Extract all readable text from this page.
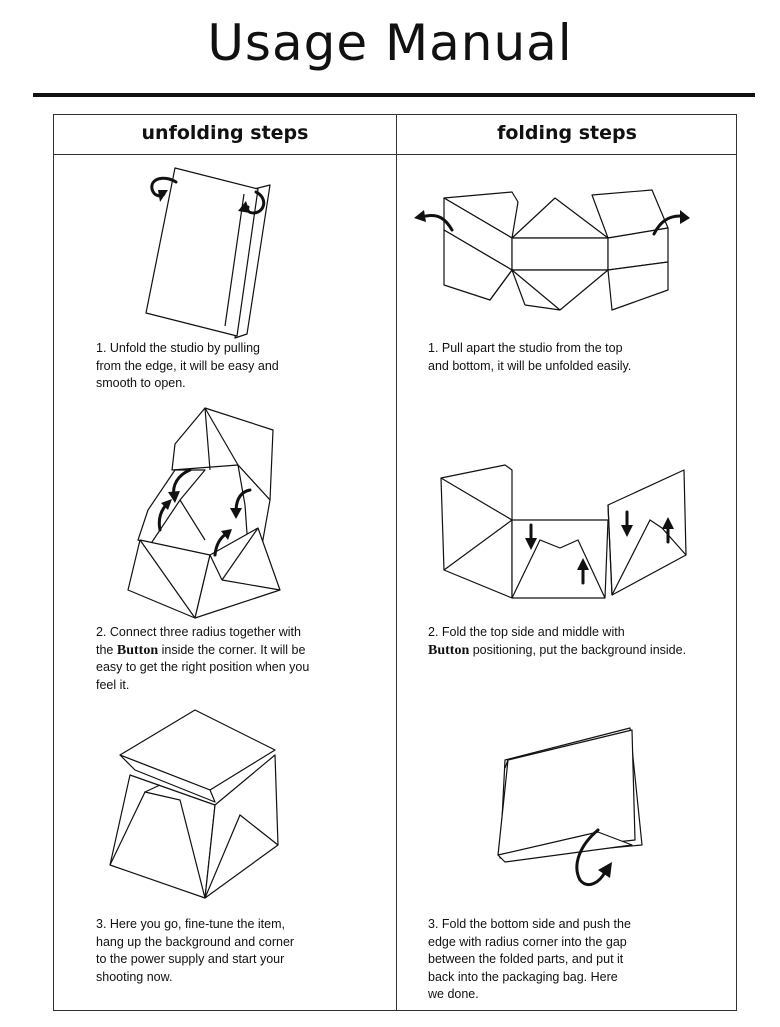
Usage Manual
unfolding steps	folding steps
1. Unfold the studio by pulling
from the edge, it will be easy and
smooth to open.
2. Connect three radius together with
the Button inside the corner. It will be
easy to get the right position when you
feel it.
3. Here you go, fine-tune the item,
hang up the background and corner
to the power supply and start your
shooting now.
1. Pull apart the studio from the top
and bottom, it will be unfolded easily.
2. Fold the top side and middle with
Button positioning, put the background inside.
3. Fold the bottom side and push the
edge with radius corner into the gap
between the folded parts, and put it
back into the packaging bag. Here
we done.
